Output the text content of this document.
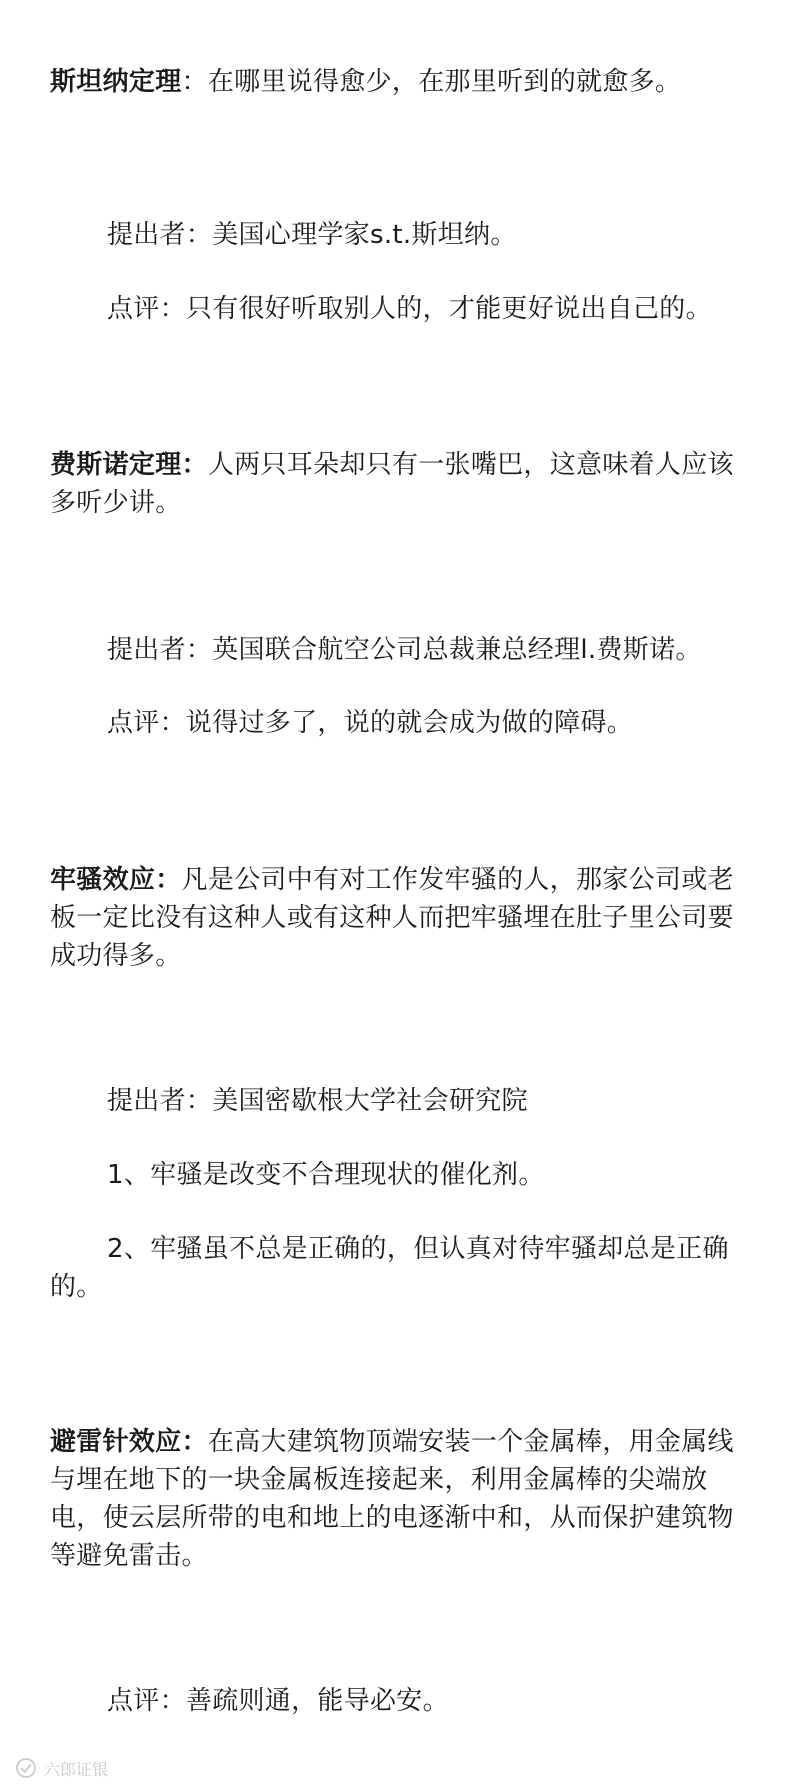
斯坦纳定理：在哪里说得愈少，在那里听到的就愈多。

提出者：美国心理学家s.t.斯坦纳。

点评：只有很好听取别人的，才能更好说出自己的。

费斯诺定理：人两只耳朵却只有一张嘴巴，这意味着人应该多听少讲。

提出者：英国联合航空公司总裁兼总经理l.费斯诺。

点评：说得过多了，说的就会成为做的障碍。

牢骚效应：凡是公司中有对工作发牢骚的人，那家公司或老板一定比没有这种人或有这种人而把牢骚埋在肚子里公司要成功得多。

提出者：美国密歇根大学社会研究院

1、牢骚是改变不合理现状的催化剂。

2、牢骚虽不总是正确的，但认真对待牢骚却总是正确的。

避雷针效应：在高大建筑物顶端安装一个金属棒，用金属线与埋在地下的一块金属板连接起来，利用金属棒的尖端放电，使云层所带的电和地上的电逐渐中和，从而保护建筑物等避免雷击。

点评：善疏则通，能导必安。

六郎证银
